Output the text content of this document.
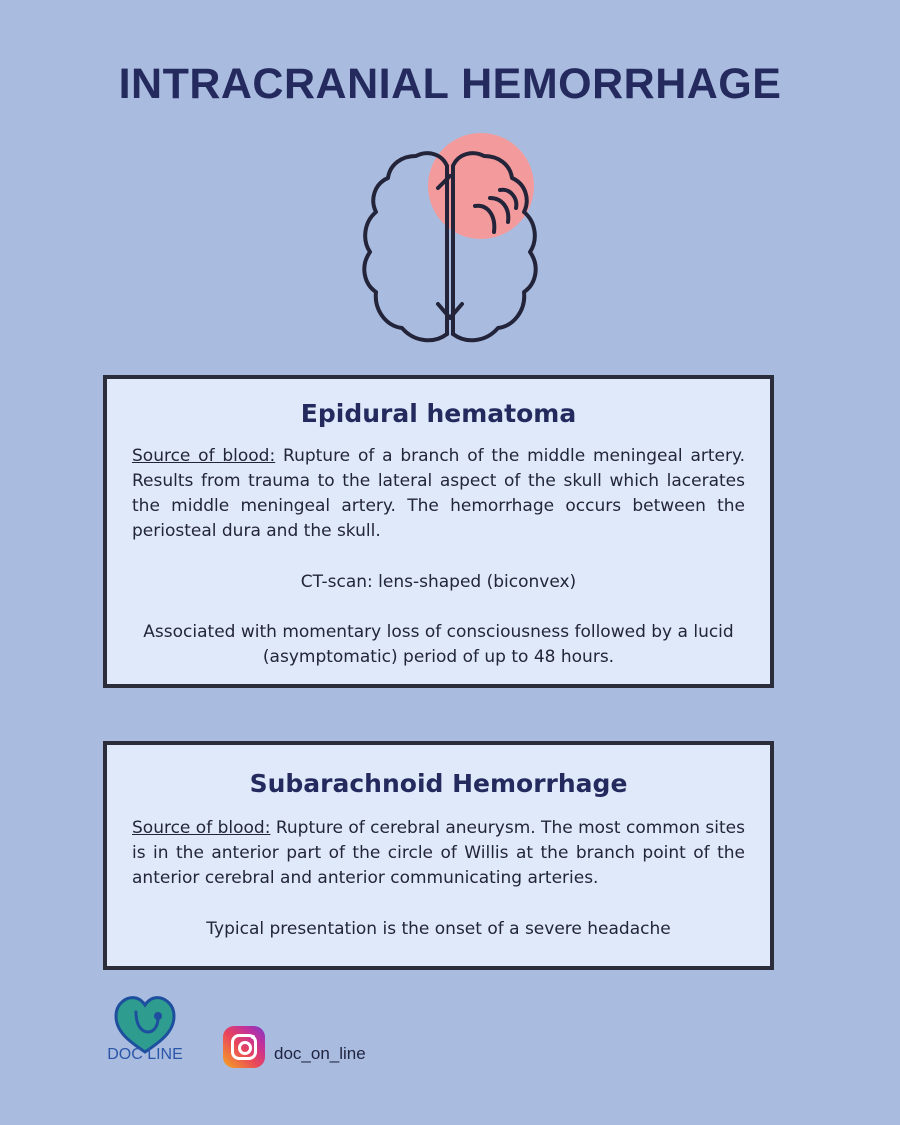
INTRACRANIAL HEMORRHAGE
Epidural hematoma

Source of blood: Rupture of a branch of the middle meningeal artery. Results from trauma to the lateral aspect of the skull which lacerates the middle meningeal artery. The hemorrhage occurs between the periosteal dura and the skull.

CT-scan: lens-shaped (biconvex)

Associated with momentary loss of consciousness followed by a lucid (asymptomatic) period of up to 48 hours.

Subarachnoid Hemorrhage

Source of blood: Rupture of cerebral aneurysm. The most common sites is in the anterior part of the circle of Willis at the branch point of the anterior cerebral and anterior communicating arteries.

Typical presentation is the onset of a severe headache

DOC LINE	doc_on_line
